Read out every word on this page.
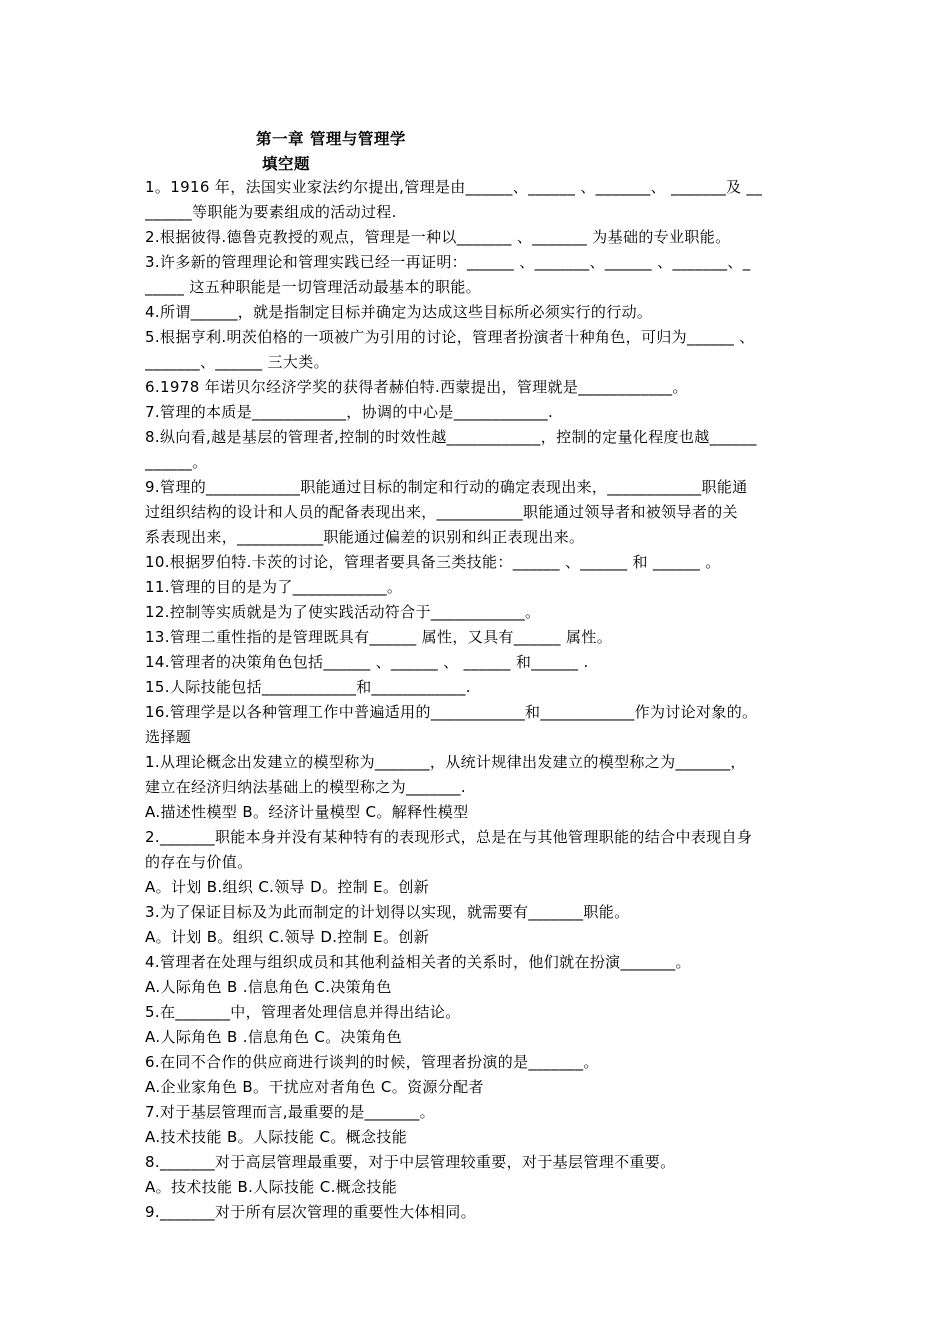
第一章 管理与管理学
填空题
1。1916 年，法国实业家法约尔提出,管理是由______、______ 、_______、 _______及 __
______等职能为要素组成的活动过程.
2.根据彼得.德鲁克教授的观点，管理是一种以_______ 、_______ 为基础的专业职能。
3.许多新的管理理论和管理实践已经一再证明：______ 、_______、______ 、_______、_
_____ 这五种职能是一切管理活动最基本的职能。
4.所谓______，就是指制定目标并确定为达成这些目标所必须实行的行动。
5.根据亨利.明茨伯格的一项被广为引用的讨论，管理者扮演者十种角色，可归为______ 、
_______、______ 三大类。
6.1978 年诺贝尔经济学奖的获得者赫伯特.西蒙提出，管理就是____________。
7.管理的本质是____________，协调的中心是____________.
8.纵向看,越是基层的管理者,控制的时效性越____________，控制的定量化程度也越______
______。
9.管理的____________职能通过目标的制定和行动的确定表现出来，____________职能通
过组织结构的设计和人员的配备表现出来，___________职能通过领导者和被领导者的关
系表现出来，___________职能通过偏差的识别和纠正表现出来。
10.根据罗伯特.卡茨的讨论，管理者要具备三类技能：______ 、______ 和 ______ 。
11.管理的目的是为了____________。
12.控制等实质就是为了使实践活动符合于____________。
13.管理二重性指的是管理既具有______ 属性，又具有______ 属性。
14.管理者的决策角色包括______ 、______ 、 ______ 和______ .
15.人际技能包括____________和____________.
16.管理学是以各种管理工作中普遍适用的____________和____________作为讨论对象的。
选择题
1.从理论概念出发建立的模型称为_______，从统计规律出发建立的模型称之为_______，
建立在经济归纳法基础上的模型称之为_______.
A.描述性模型 B。经济计量模型 C。解释性模型
2._______职能本身并没有某种特有的表现形式，总是在与其他管理职能的结合中表现自身
的存在与价值。
A。计划 B.组织 C.领导 D。控制 E。创新
3.为了保证目标及为此而制定的计划得以实现，就需要有_______职能。
A。计划 B。组织 C.领导 D.控制 E。创新
4.管理者在处理与组织成员和其他利益相关者的关系时，他们就在扮演_______。
A.人际角色 B .信息角色 C.决策角色
5.在_______中，管理者处理信息并得出结论。
A.人际角色 B .信息角色 C。决策角色
6.在同不合作的供应商进行谈判的时候，管理者扮演的是_______。
A.企业家角色 B。干扰应对者角色 C。资源分配者
7.对于基层管理而言,最重要的是_______。
A.技术技能 B。人际技能 C。概念技能
8._______对于高层管理最重要，对于中层管理较重要，对于基层管理不重要。
A。技术技能 B.人际技能 C.概念技能
9._______对于所有层次管理的重要性大体相同。
